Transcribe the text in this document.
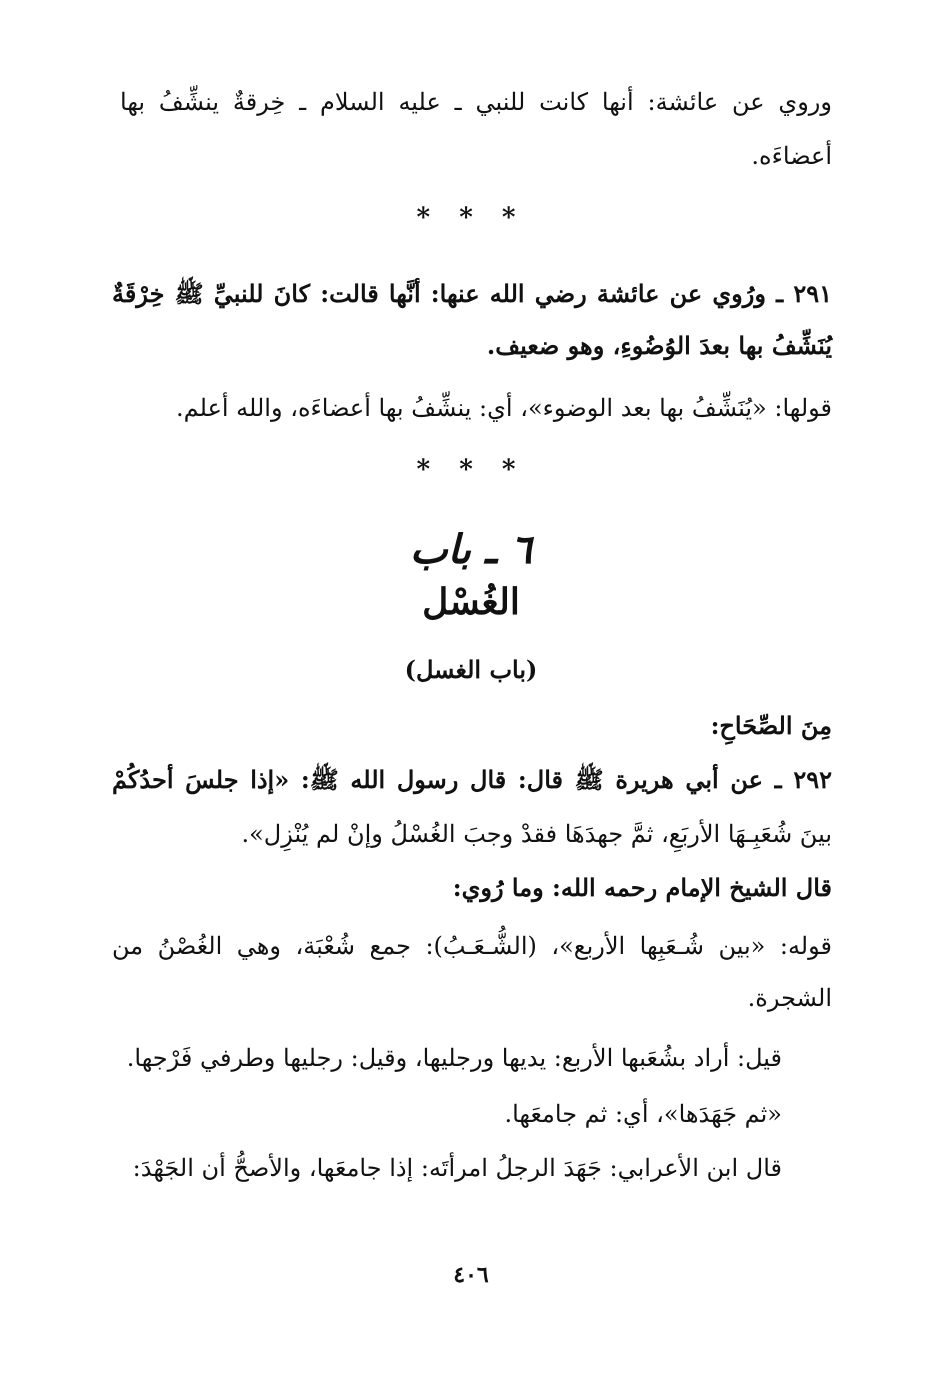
وروي عن عائشة: أنها كانت للنبي ـ عليه السلام ـ خِرقةٌ ينشِّفُ بها
أعضاءَه.
* * *
٢٩١ ـ ورُوي عن عائشة رضي الله عنها: أنَّها قالت: كانَ للنبيِّ ﷺ خِرْقَةٌ
يُنَشِّفُ بها بعدَ الوُضُوءِ، وهو ضعيف.
قولها: «يُنَشِّفُ بها بعد الوضوء»، أي: ينشِّفُ بها أعضاءَه، والله أعلم.
* * *
٦ ـ باب
الغُسْل
(باب الغسل)
مِنَ الصِّحَاحِ:
٢٩٢ ـ عن أبي هريرة ﷺ قال: قال رسول الله ﷺ: «إذا جلسَ أحدُكُمْ
بينَ شُعَبِـهَا الأربَعِ، ثمَّ جهدَهَا فقدْ وجبَ الغُسْلُ وإنْ لم يُنْزِل».
قال الشيخ الإمام رحمه الله: وما رُوي:
قوله: «بين شُـعَبِها الأربع»، (الشُّـعَـبُ): جمع شُعْبَة، وهي الغُصْنُ من
الشجرة.
قيل: أراد بشُعَبها الأربع: يديها ورجليها، وقيل: رجليها وطرفي فَرْجها.
«ثم جَهَدَها»، أي: ثم جامعَها.
قال ابن الأعرابي: جَهَدَ الرجلُ امرأتَه: إذا جامعَها، والأصحُّ أن الجَهْدَ:
٤٠٦
